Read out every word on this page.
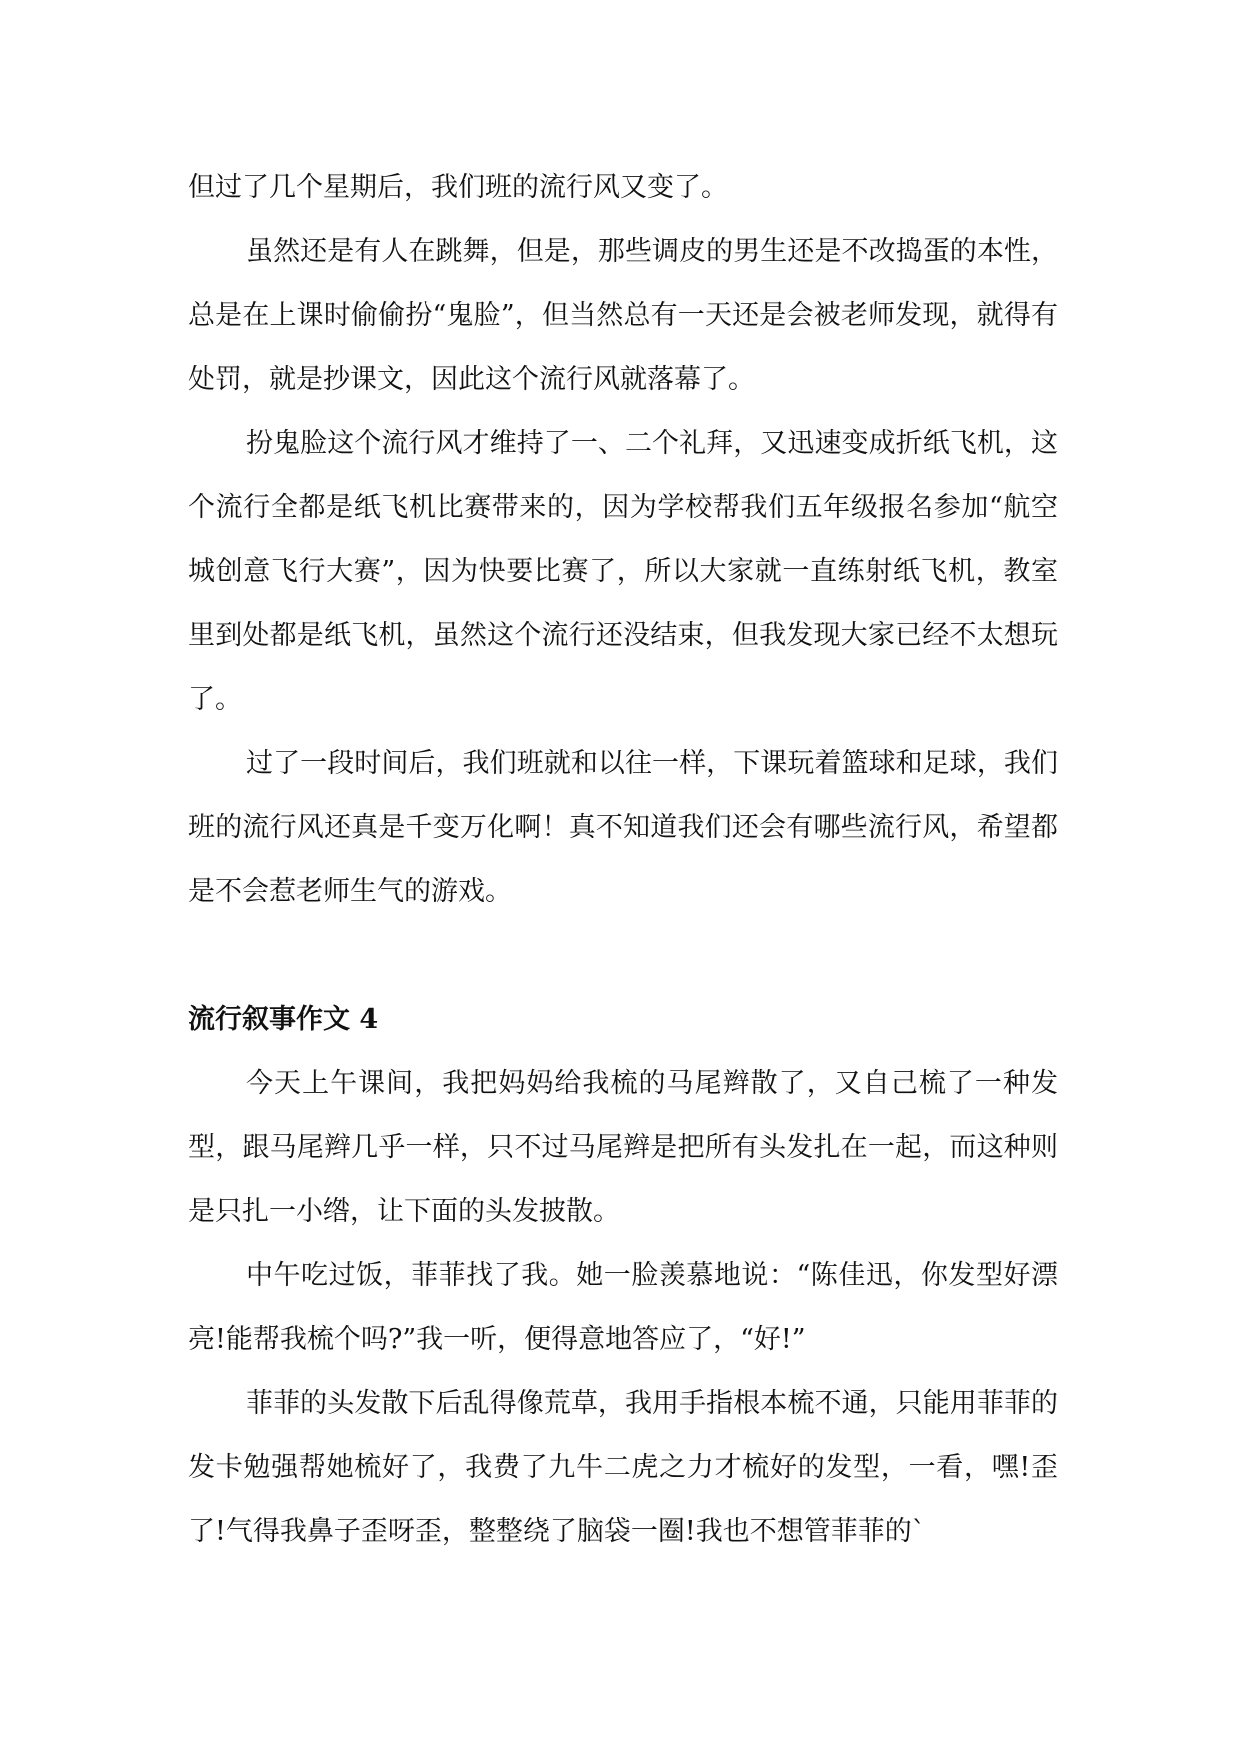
但过了几个星期后，我们班的流行风又变了。

虽然还是有人在跳舞，但是，那些调皮的男生还是不改捣蛋的本性，总是在上课时偷偷扮“鬼脸”，但当然总有一天还是会被老师发现，就得有处罚，就是抄课文，因此这个流行风就落幕了。

扮鬼脸这个流行风才维持了一、二个礼拜，又迅速变成折纸飞机，这个流行全都是纸飞机比赛带来的，因为学校帮我们五年级报名参加“航空城创意飞行大赛”，因为快要比赛了，所以大家就一直练射纸飞机，教室里到处都是纸飞机，虽然这个流行还没结束，但我发现大家已经不太想玩了。

过了一段时间后，我们班就和以往一样，下课玩着篮球和足球，我们班的流行风还真是千变万化啊！真不知道我们还会有哪些流行风，希望都是不会惹老师生气的游戏。

流行叙事作文 4

今天上午课间，我把妈妈给我梳的马尾辫散了，又自己梳了一种发型，跟马尾辫几乎一样，只不过马尾辫是把所有头发扎在一起，而这种则是只扎一小绺，让下面的头发披散。

中午吃过饭，菲菲找了我。她一脸羡慕地说：“陈佳迅，你发型好漂亮!能帮我梳个吗?”我一听，便得意地答应了，“好!”

菲菲的头发散下后乱得像荒草，我用手指根本梳不通，只能用菲菲的发卡勉强帮她梳好了，我费了九牛二虎之力才梳好的发型，一看，嘿!歪了!气得我鼻子歪呀歪，整整绕了脑袋一圈!我也不想管菲菲的`
